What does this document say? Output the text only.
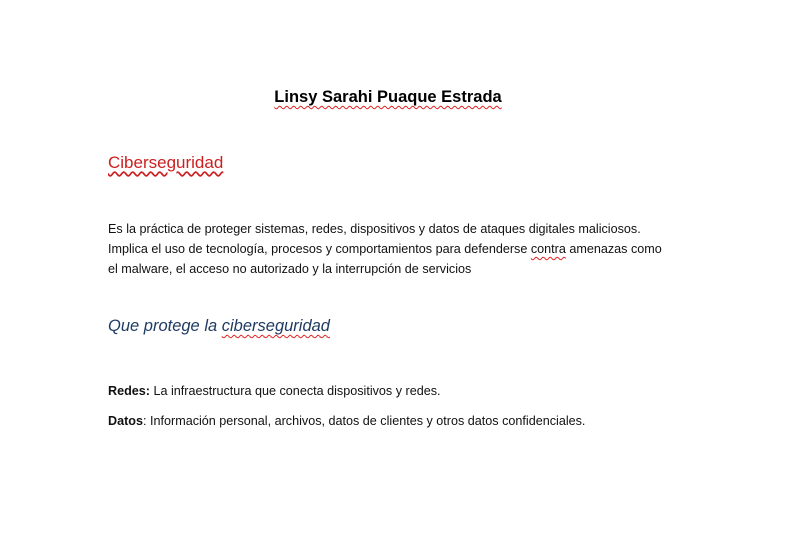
Linsy Sarahi Puaque Estrada
Ciberseguridad

Es la práctica de proteger sistemas, redes, dispositivos y datos de ataques digitales maliciosos.

Implica el uso de tecnología, procesos y comportamientos para defenderse contra amenazas como

el malware, el acceso no autorizado y la interrupción de servicios

Que protege la ciberseguridad

Redes: La infraestructura que conecta dispositivos y redes.

Datos: Información personal, archivos, datos de clientes y otros datos confidenciales.
